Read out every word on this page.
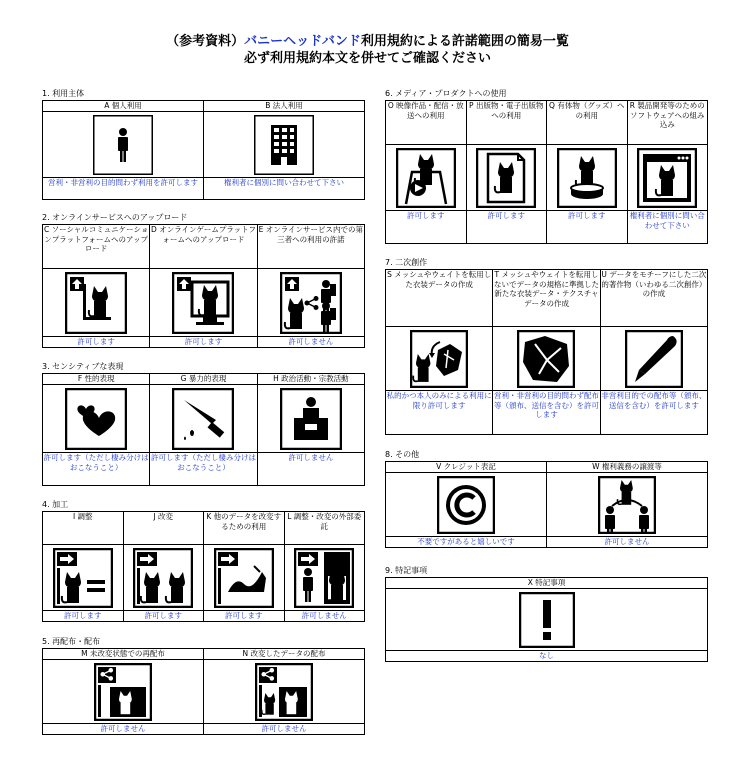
（参考資料）バニーヘッドバンド利用規約による許諾範囲の簡易一覧
必ず利用規約本文を併せてご確認ください
1. 利用主体
A 個人利用	B 法人利用

営利・非営利の目的問わず利用を許可します	権利者に個別に問い合わせて下さい
2. オンラインサービスへのアップロード
C ソーシャルコミュニケーションプラットフォームへのアップロード	D オンラインゲームプラットフォームへのアップロード	E オンラインサービス内での第三者への利用の許諾

許可します	許可します	許可しません
3. センシティブな表現
F 性的表現	G 暴力的表現	H 政治活動・宗教活動

許可します（ただし棲み分けはおこなうこと）	許可します（ただし棲み分けはおこなうこと）	許可しません
4. 加工
I 調整	J 改変	K 他のデータを改変するための利用	L 調整・改変の外部委託

許可します	許可します	許可します	許可しません
5. 再配布・配布
M 未改変状態での再配布	N 改変したデータの配布

許可しません	許可しません
6. メディア・プロダクトへの使用
O 映像作品・配信・放送への利用	P 出版物・電子出版物への利用	Q 有体物（グッズ）への利用	R 製品開発等のためのソフトウェアへの組み込み

許可します	許可します	許可します	権利者に個別に問い合わせて下さい
7. 二次創作
S メッシュやウェイトを転用した衣装データの作成	T メッシュやウェイトを転用しないでデータの規格に準拠した新たな衣装データ・テクスチャデータの作成	U データをモチーフにした二次的著作物（いわゆる二次創作）の作成

私的かつ本人のみによる利用に限り許可します	営利・非営利の目的問わず配布等（頒布、送信を含む）を許可します	非営利目的での配布等（頒布、送信を含む）を許可します
8. その他
V クレジット表記	W 権利義務の譲渡等

不要ですがあると嬉しいです	許可しません
9. 特記事項
X 特記事項

なし
